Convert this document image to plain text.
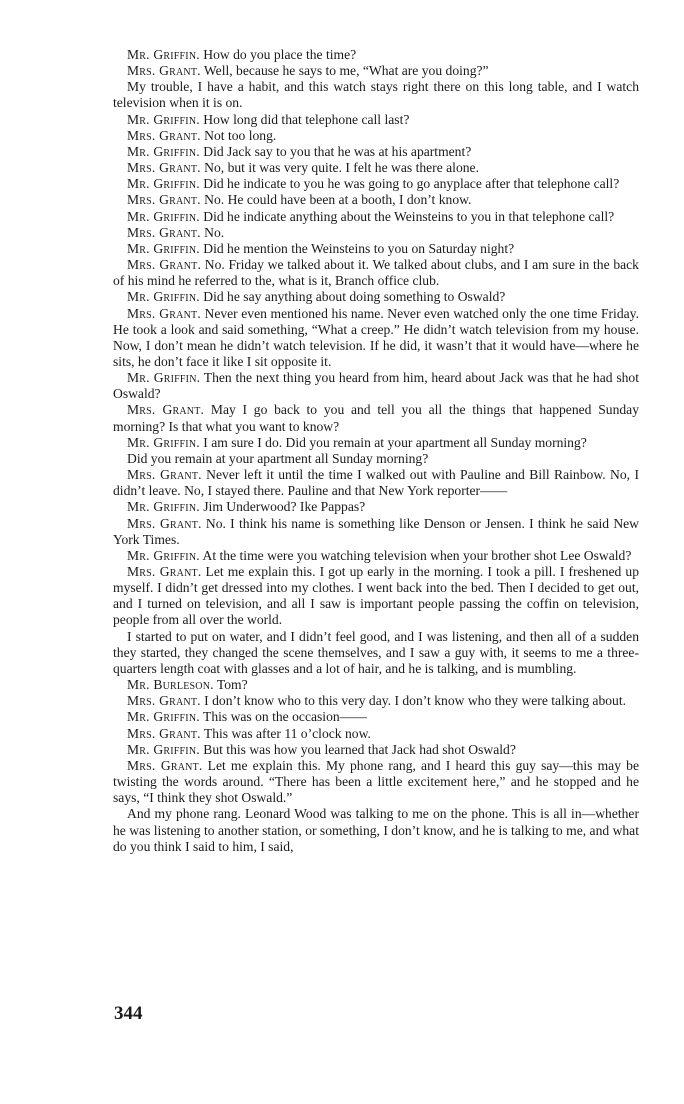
Mr. Griffin. How do you place the time?

Mrs. Grant. Well, because he says to me, “What are you doing?”

My trouble, I have a habit, and this watch stays right there on this long table, and I watch television when it is on.

Mr. Griffin. How long did that telephone call last?

Mrs. Grant. Not too long.

Mr. Griffin. Did Jack say to you that he was at his apartment?

Mrs. Grant. No, but it was very quite. I felt he was there alone.

Mr. Griffin. Did he indicate to you he was going to go anyplace after that telephone call?

Mrs. Grant. No. He could have been at a booth, I don’t know.

Mr. Griffin. Did he indicate anything about the Weinsteins to you in that telephone call?

Mrs. Grant. No.

Mr. Griffin. Did he mention the Weinsteins to you on Saturday night?

Mrs. Grant. No. Friday we talked about it. We talked about clubs, and I am sure in the back of his mind he referred to the, what is it, Branch office club.

Mr. Griffin. Did he say anything about doing something to Oswald?

Mrs. Grant. Never even mentioned his name. Never even watched only the one time Friday. He took a look and said something, “What a creep.” He didn’t watch television from my house. Now, I don’t mean he didn’t watch television. If he did, it wasn’t that it would have—where he sits, he don’t face it like I sit opposite it.

Mr. Griffin. Then the next thing you heard from him, heard about Jack was that he had shot Oswald?

Mrs. Grant. May I go back to you and tell you all the things that happened Sunday morning? Is that what you want to know?

Mr. Griffin. I am sure I do. Did you remain at your apartment all Sunday morning?

Did you remain at your apartment all Sunday morning?

Mrs. Grant. Never left it until the time I walked out with Pauline and Bill Rainbow. No, I didn’t leave. No, I stayed there. Pauline and that New York reporter——

Mr. Griffin. Jim Underwood? Ike Pappas?

Mrs. Grant. No. I think his name is something like Denson or Jensen. I think he said New York Times.

Mr. Griffin. At the time were you watching television when your brother shot Lee Oswald?

Mrs. Grant. Let me explain this. I got up early in the morning. I took a pill. I freshened up myself. I didn’t get dressed into my clothes. I went back into the bed. Then I decided to get out, and I turned on television, and all I saw is important people passing the coffin on television, people from all over the world.

I started to put on water, and I didn’t feel good, and I was listening, and then all of a sudden they started, they changed the scene themselves, and I saw a guy with, it seems to me a three-quarters length coat with glasses and a lot of hair, and he is talking, and is mumbling.

Mr. Burleson. Tom?

Mrs. Grant. I don’t know who to this very day. I don’t know who they were talking about.

Mr. Griffin. This was on the occasion——

Mrs. Grant. This was after 11 o’clock now.

Mr. Griffin. But this was how you learned that Jack had shot Oswald?

Mrs. Grant. Let me explain this. My phone rang, and I heard this guy say—this may be twisting the words around. “There has been a little excitement here,” and he stopped and he says, “I think they shot Oswald.”

And my phone rang. Leonard Wood was talking to me on the phone. This is all in—whether he was listening to another station, or something, I don’t know, and he is talking to me, and what do you think I said to him, I said,

344
